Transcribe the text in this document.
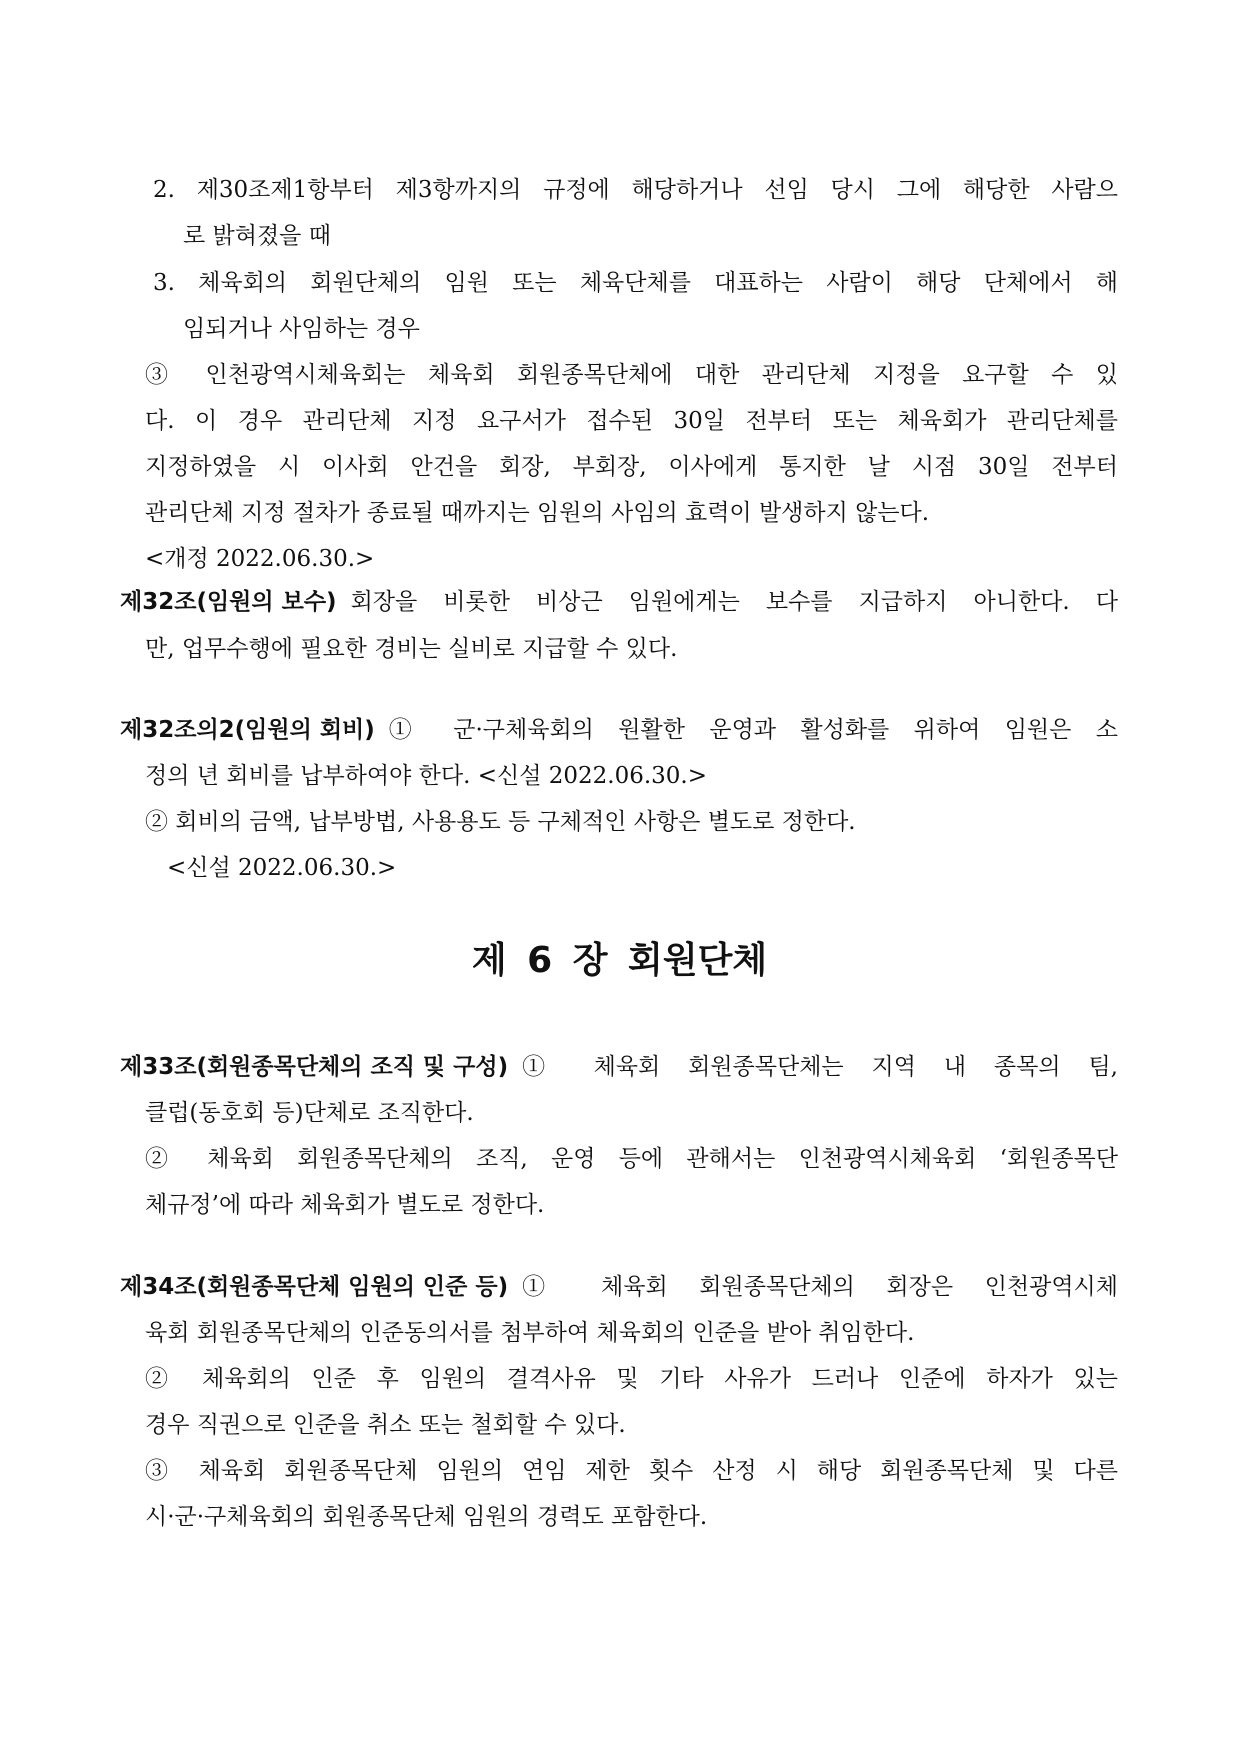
2. 제30조제1항부터 제3항까지의 규정에 해당하거나 선임 당시 그에 해당한 사람으
로 밝혀졌을 때
3. 체육회의 회원단체의 임원 또는 체육단체를 대표하는 사람이 해당 단체에서 해
임되거나 사임하는 경우
③ 인천광역시체육회는 체육회 회원종목단체에 대한 관리단체 지정을 요구할 수 있
다. 이 경우 관리단체 지정 요구서가 접수된 30일 전부터 또는 체육회가 관리단체를
지정하였을 시 이사회 안건을 회장, 부회장, 이사에게 통지한 날 시점 30일 전부터
관리단체 지정 절차가 종료될 때까지는 임원의 사임의 효력이 발생하지 않는다.
<개정 2022.06.30.>
제32조(임원의 보수) 회장을 비롯한 비상근 임원에게는 보수를 지급하지 아니한다. 다
만, 업무수행에 필요한 경비는 실비로 지급할 수 있다.
제32조의2(임원의 회비) ① 군·구체육회의 원활한 운영과 활성화를 위하여 임원은 소
정의 년 회비를 납부하여야 한다. <신설 2022.06.30.>
② 회비의 금액, 납부방법, 사용용도 등 구체적인 사항은 별도로 정한다.
<신설 2022.06.30.>
제 6 장 회원단체
제33조(회원종목단체의 조직 및 구성) ① 체육회 회원종목단체는 지역 내 종목의 팀,
클럽(동호회 등)단체로 조직한다.
② 체육회 회원종목단체의 조직, 운영 등에 관해서는 인천광역시체육회 ‘회원종목단
체규정’에 따라 체육회가 별도로 정한다.
제34조(회원종목단체 임원의 인준 등) ① 체육회 회원종목단체의 회장은 인천광역시체
육회 회원종목단체의 인준동의서를 첨부하여 체육회의 인준을 받아 취임한다.
② 체육회의 인준 후 임원의 결격사유 및 기타 사유가 드러나 인준에 하자가 있는
경우 직권으로 인준을 취소 또는 철회할 수 있다.
③ 체육회 회원종목단체 임원의 연임 제한 횟수 산정 시 해당 회원종목단체 및 다른
시·군·구체육회의 회원종목단체 임원의 경력도 포함한다.
